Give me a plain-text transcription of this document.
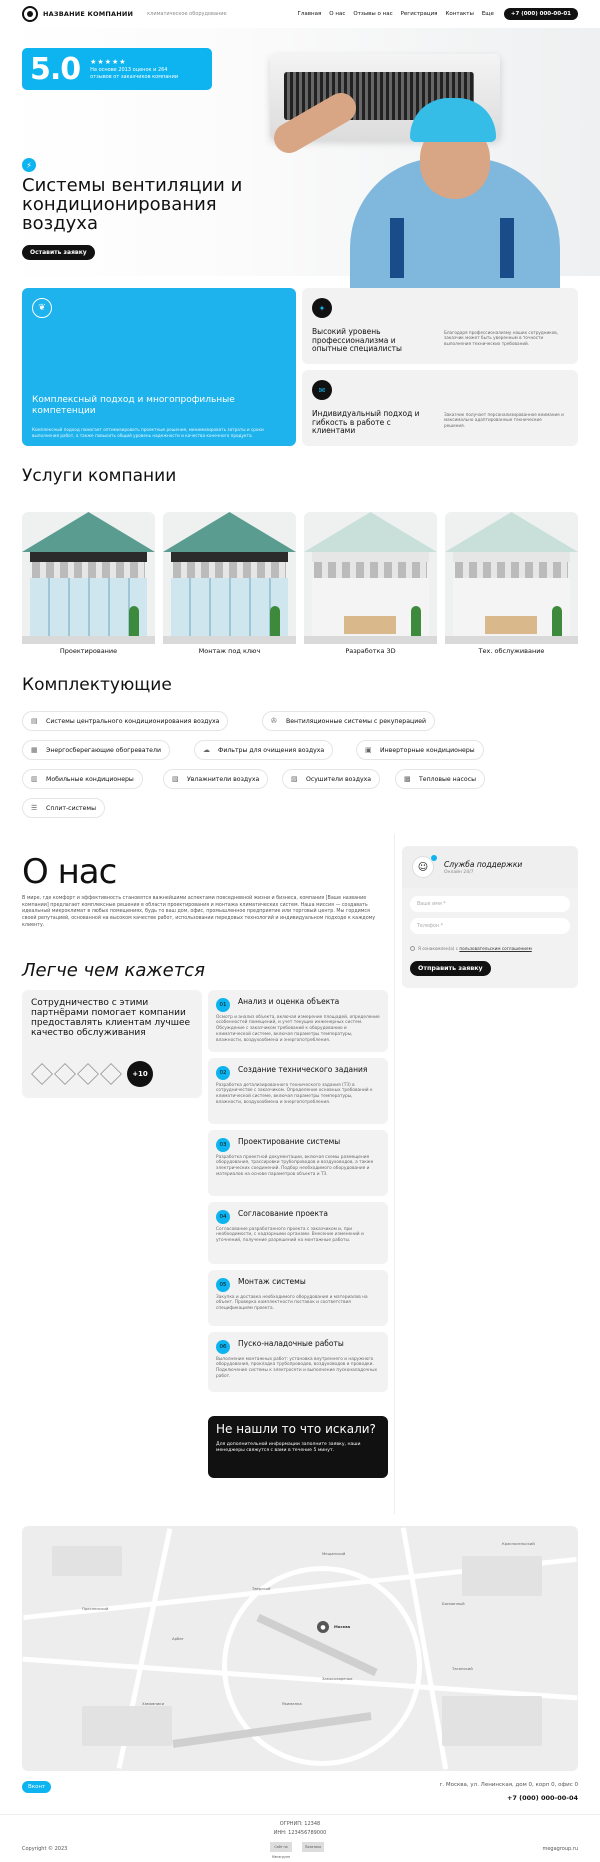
НАЗВАНИЕ КОМПАНИИ	климатическое оборудование	Главная О нас Отзывы о нас Регистрация Контакты Еще	+7 (000) 000-00-01
5.0 ★★★★★
На основе 2013 оценок и 264 отзывов от заказчиков компании
⚡
Системы вентиляции и кондиционирования воздуха
Оставить заявку
❦
Комплексный подход и многопрофильные компетенции

Комплексный подход помогает оптимизировать проектные решения, минимизировать затраты и сроки выполнения работ, а также повысить общий уровень надежности и качества конечного продукта.

✦
Высокий уровень профессионализма и опытные специалисты

Благодаря профессионализму наших сотрудников, заказчик может быть уверенным в точности выполнения технических требований.

✉
Индивидуальный подход и гибкость в работе с клиентами

Заказчик получает персонализированное внимание и максимально адаптированные технические решения.

Услуги компании
Проектирование	Монтаж под ключ	Разработка 3D	Тех. обслуживание
Комплектующие
▤	Системы центрального кондиционирования воздуха	✇	Вентиляционные системы с рекуперацией
▦	Энергосберегающие обогреватели	☁	Фильтры для очищения воздуха	▣	Инверторные кондиционеры
▥	Мобильные кондиционеры	▧	Увлажнители воздуха	▨	Осушители воздуха	▩	Тепловые насосы
☰	Сплит-системы
О нас
В мире, где комфорт и эффективность становятся важнейшими аспектами повседневной жизни и бизнеса, компания [Ваше название компании] предлагает комплексные решения в области проектирования и монтажа климатических систем. Наша миссия — создавать идеальный микроклимат в любых помещениях, будь то ваш дом, офис, промышленное предприятие или торговый центр. Мы гордимся своей репутацией, основанной на высоком качестве работ, использовании передовых технологий и индивидуальном подходе к каждому клиенту.
☺	Служба поддержки
Онлайн 24/7
Ваше имя *
Телефон *
Я ознакомлен(а) с пользовательским соглашением
Отправить заявку
Легче чем кажется

Сотрудничество с этими партнёрами помогает компании предоставлять клиентам лучшее качество обслуживания

+10
01	Анализ и оценка объекта

Осмотр и анализ объекта, включая измерение площадей, определение особенностей помещений, и учет текущих инженерных систем. Обсуждение с заказчиком требований к оборудованию и климатической системе, включая параметры температуры, влажности, воздухообмена и энергопотребления.

02	Создание технического задания

Разработка детализированного технического задания (ТЗ) в сотрудничестве с заказчиком. Определение основных требований к климатической системе, включая параметры температуры, влажности, воздухообмена и энергопотребления.

03	Проектирование системы

Разработка проектной документации, включая схемы размещения оборудования, трассировки трубопроводов и воздуховодов, а также электрических соединений. Подбор необходимого оборудования и материалов на основе параметров объекта и ТЗ.

04	Согласование проекта

Согласование разработанного проекта с заказчиком и, при необходимости, с надзорными органами. Внесение изменений и уточнений, получение разрешений на монтажные работы.

05	Монтаж системы

Закупка и доставка необходимого оборудования и материалов на объект. Проверка комплектности поставок и соответствия спецификациям проекта.

06	Пуско-наладочные работы

Выполнение монтажных работ: установка внутреннего и наружного оборудования, прокладка трубопроводов, воздуховодов и проводки. Подключение системы к электросети и выполнение пусконаладочных работ.

Не нашли то что искали?

Для дополнительной информации заполните заявку, наши менеджеры свяжутся с вами в течение 5 минут.

●	Москва
Арбат
Хамовники	Якиманка
Таганский
Басманный
Мещанский
Тверской
Пресненский
Замоскворечье
Красносельский
Вконт	г. Москва, ул. Ленинская, дом 0, корп 0, офис 0
+7 (000) 000-00-04
ОГРНИП: 12348
ИНН: 123456789000
Сайт на Мегагрупп
Политика
Copyright © 2023	megagroup.ru
